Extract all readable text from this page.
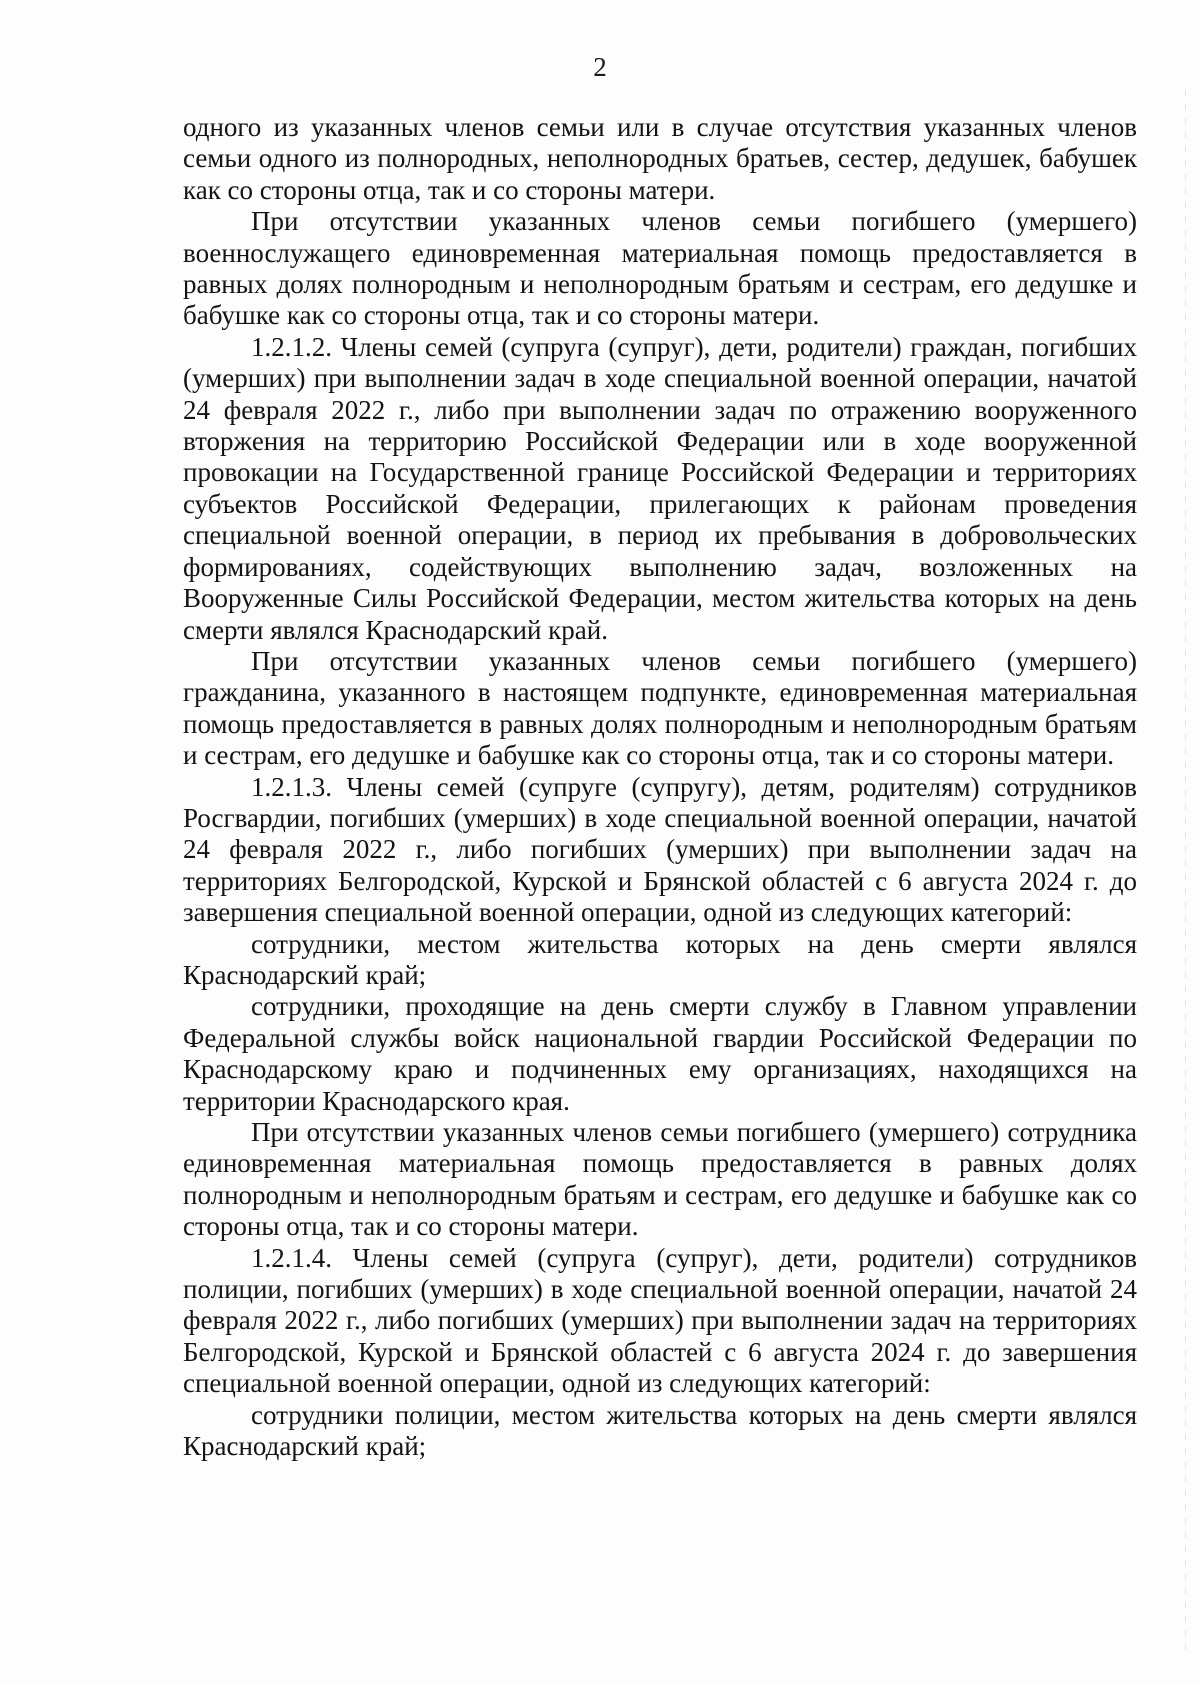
2

одного из указанных членов семьи или в случае отсутствия указанных членов семьи одного из полнородных, неполнородных братьев, сестер, дедушек, бабушек как со стороны отца, так и со стороны матери.

При отсутствии указанных членов семьи погибшего (умершего) военнослужащего единовременная материальная помощь предоставляется в равных долях полнородным и неполнородным братьям и сестрам, его дедушке и бабушке как со стороны отца, так и со стороны матери.

1.2.1.2. Члены семей (супруга (супруг), дети, родители) граждан, погибших (умерших) при выполнении задач в ходе специальной военной операции, начатой 24 февраля 2022 г., либо при выполнении задач по отражению вооруженного вторжения на территорию Российской Федерации или в ходе вооруженной провокации на Государственной границе Российской Федерации и территориях субъектов Российской Федерации, прилегающих к районам проведения специальной военной операции, в период их пребывания в добровольческих формированиях, содействующих выполнению задач, возложенных на Вооруженные Силы Российской Федерации, местом жительства которых на день смерти являлся Краснодарский край.

При отсутствии указанных членов семьи погибшего (умершего) гражданина, указанного в настоящем подпункте, единовременная материальная помощь предоставляется в равных долях полнородным и неполнородным братьям и сестрам, его дедушке и бабушке как со стороны отца, так и со стороны матери.

1.2.1.3. Члены семей (супруге (супругу), детям, родителям) сотрудников Росгвардии, погибших (умерших) в ходе специальной военной операции, начатой 24 февраля 2022 г., либо погибших (умерших) при выполнении задач на территориях Белгородской, Курской и Брянской областей с 6 августа 2024 г. до завершения специальной военной операции, одной из следующих категорий:

сотрудники, местом жительства которых на день смерти являлся Краснодарский край;

сотрудники, проходящие на день смерти службу в Главном управлении Федеральной службы войск национальной гвардии Российской Федерации по Краснодарскому краю и подчиненных ему организациях, находящихся на территории Краснодарского края.

При отсутствии указанных членов семьи погибшего (умершего) сотрудника единовременная материальная помощь предоставляется в равных долях полнородным и неполнородным братьям и сестрам, его дедушке и бабушке как со стороны отца, так и со стороны матери.

1.2.1.4. Члены семей (супруга (супруг), дети, родители) сотрудников полиции, погибших (умерших) в ходе специальной военной операции, начатой 24 февраля 2022 г., либо погибших (умерших) при выполнении задач на территориях Белгородской, Курской и Брянской областей с 6 августа 2024 г. до завершения специальной военной операции, одной из следующих категорий:

сотрудники полиции, местом жительства которых на день смерти являлся Краснодарский край;
